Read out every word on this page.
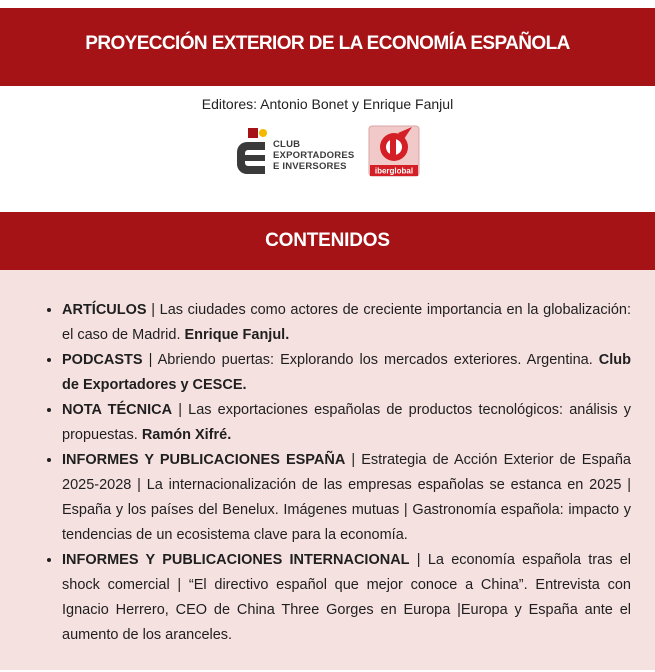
PROYECCIÓN EXTERIOR DE LA ECONOMÍA ESPAÑOLA
Editores: Antonio Bonet y Enrique Fanjul
CLUB
EXPORTADORES
E INVERSORES	iberglobal
CONTENIDOS
• ARTÍCULOS | Las ciudades como actores de creciente importancia en la globalización: el caso de Madrid. Enrique Fanjul.
• PODCASTS | Abriendo puertas: Explorando los mercados exteriores. Argentina. Club de Exportadores y CESCE.
• NOTA TÉCNICA | Las exportaciones españolas de productos tecnológicos: análisis y propuestas. Ramón Xifré.
• INFORMES Y PUBLICACIONES ESPAÑA | Estrategia de Acción Exterior de España 2025-2028 | La internacionalización de las empresas españolas se estanca en 2025 | España y los países del Benelux. Imágenes mutuas | Gastronomía española: impacto y tendencias de un ecosistema clave para la economía.
• INFORMES Y PUBLICACIONES INTERNACIONAL | La economía española tras el shock comercial | “El directivo español que mejor conoce a China”. Entrevista con Ignacio Herrero, CEO de China Three Gorges en Europa |Europa y España ante el aumento de los aranceles.
